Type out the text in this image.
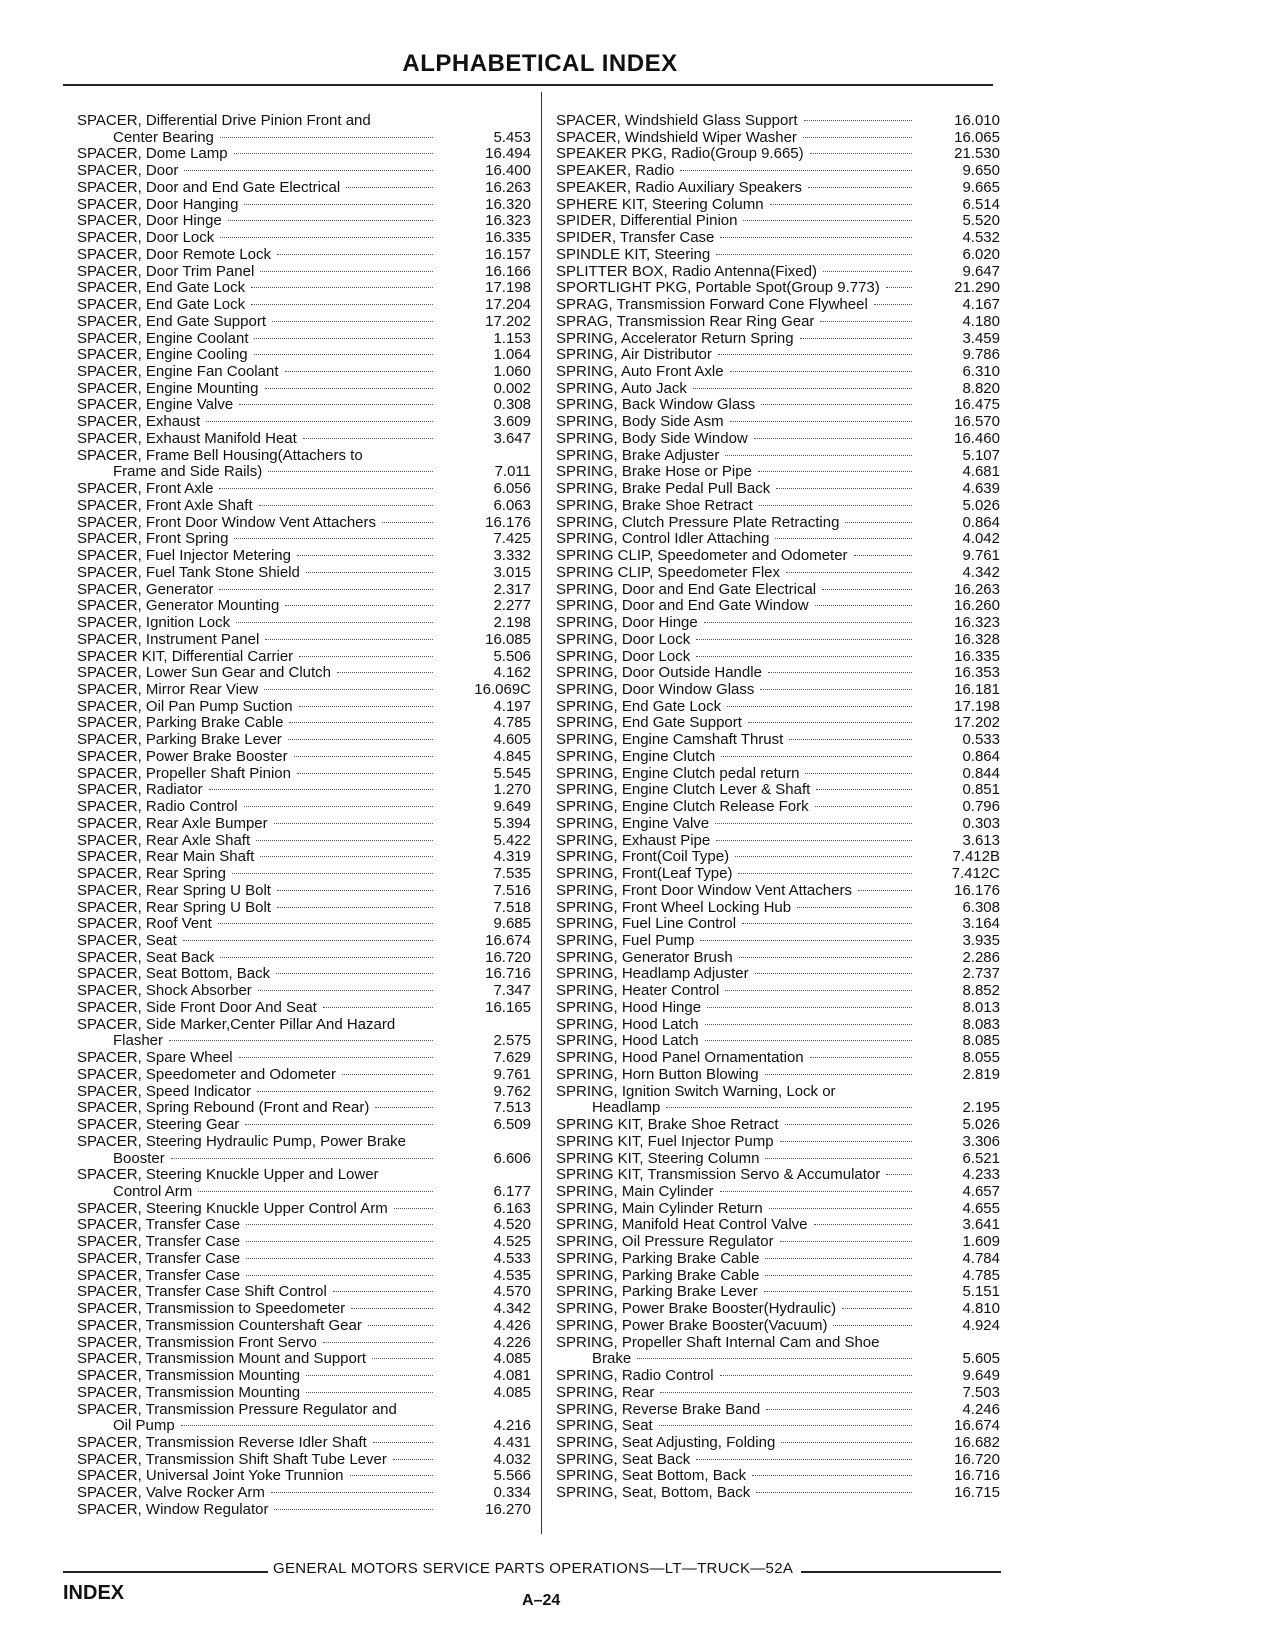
ALPHABETICAL INDEX
SPACER, Differential Drive Pinion Front and
Center Bearing	5.453
SPACER, Dome Lamp	16.494
SPACER, Door	16.400
SPACER, Door and End Gate Electrical	16.263
SPACER, Door Hanging	16.320
SPACER, Door Hinge	16.323
SPACER, Door Lock	16.335
SPACER, Door Remote Lock	16.157
SPACER, Door Trim Panel	16.166
SPACER, End Gate Lock	17.198
SPACER, End Gate Lock	17.204
SPACER, End Gate Support	17.202
SPACER, Engine Coolant	1.153
SPACER, Engine Cooling	1.064
SPACER, Engine Fan Coolant	1.060
SPACER, Engine Mounting	0.002
SPACER, Engine Valve	0.308
SPACER, Exhaust	3.609
SPACER, Exhaust Manifold Heat	3.647
SPACER, Frame Bell Housing(Attachers to
Frame and Side Rails)	7.011
SPACER, Front Axle	6.056
SPACER, Front Axle Shaft	6.063
SPACER, Front Door Window Vent Attachers	16.176
SPACER, Front Spring	7.425
SPACER, Fuel Injector Metering	3.332
SPACER, Fuel Tank Stone Shield	3.015
SPACER, Generator	2.317
SPACER, Generator Mounting	2.277
SPACER, Ignition Lock	2.198
SPACER, Instrument Panel	16.085
SPACER KIT, Differential Carrier	5.506
SPACER, Lower Sun Gear and Clutch	4.162
SPACER, Mirror Rear View	16.069C
SPACER, Oil Pan Pump Suction	4.197
SPACER, Parking Brake Cable	4.785
SPACER, Parking Brake Lever	4.605
SPACER, Power Brake Booster	4.845
SPACER, Propeller Shaft Pinion	5.545
SPACER, Radiator	1.270
SPACER, Radio Control	9.649
SPACER, Rear Axle Bumper	5.394
SPACER, Rear Axle Shaft	5.422
SPACER, Rear Main Shaft	4.319
SPACER, Rear Spring	7.535
SPACER, Rear Spring U Bolt	7.516
SPACER, Rear Spring U Bolt	7.518
SPACER, Roof Vent	9.685
SPACER, Seat	16.674
SPACER, Seat Back	16.720
SPACER, Seat Bottom, Back	16.716
SPACER, Shock Absorber	7.347
SPACER, Side Front Door And Seat	16.165
SPACER, Side Marker,Center Pillar And Hazard
Flasher	2.575
SPACER, Spare Wheel	7.629
SPACER, Speedometer and Odometer	9.761
SPACER, Speed Indicator	9.762
SPACER, Spring Rebound (Front and Rear)	7.513
SPACER, Steering Gear	6.509
SPACER, Steering Hydraulic Pump, Power Brake
Booster	6.606
SPACER, Steering Knuckle Upper and Lower
Control Arm	6.177
SPACER, Steering Knuckle Upper Control Arm	6.163
SPACER, Transfer Case	4.520
SPACER, Transfer Case	4.525
SPACER, Transfer Case	4.533
SPACER, Transfer Case	4.535
SPACER, Transfer Case Shift Control	4.570
SPACER, Transmission to Speedometer	4.342
SPACER, Transmission Countershaft Gear	4.426
SPACER, Transmission Front Servo	4.226
SPACER, Transmission Mount and Support	4.085
SPACER, Transmission Mounting	4.081
SPACER, Transmission Mounting	4.085
SPACER, Transmission Pressure Regulator and
Oil Pump	4.216
SPACER, Transmission Reverse Idler Shaft	4.431
SPACER, Transmission Shift Shaft Tube Lever	4.032
SPACER, Universal Joint Yoke Trunnion	5.566
SPACER, Valve Rocker Arm	0.334
SPACER, Window Regulator	16.270
SPACER, Windshield Glass Support	16.010
SPACER, Windshield Wiper Washer	16.065
SPEAKER PKG, Radio(Group 9.665)	21.530
SPEAKER, Radio	9.650
SPEAKER, Radio Auxiliary Speakers	9.665
SPHERE KIT, Steering Column	6.514
SPIDER, Differential Pinion	5.520
SPIDER, Transfer Case	4.532
SPINDLE KIT, Steering	6.020
SPLITTER BOX, Radio Antenna(Fixed)	9.647
SPORTLIGHT PKG, Portable Spot(Group 9.773)	21.290
SPRAG, Transmission Forward Cone Flywheel	4.167
SPRAG, Transmission Rear Ring Gear	4.180
SPRING, Accelerator Return Spring	3.459
SPRING, Air Distributor	9.786
SPRING, Auto Front Axle	6.310
SPRING, Auto Jack	8.820
SPRING, Back Window Glass	16.475
SPRING, Body Side Asm	16.570
SPRING, Body Side Window	16.460
SPRING, Brake Adjuster	5.107
SPRING, Brake Hose or Pipe	4.681
SPRING, Brake Pedal Pull Back	4.639
SPRING, Brake Shoe Retract	5.026
SPRING, Clutch Pressure Plate Retracting	0.864
SPRING, Control Idler Attaching	4.042
SPRING CLIP, Speedometer and Odometer	9.761
SPRING CLIP, Speedometer Flex	4.342
SPRING, Door and End Gate Electrical	16.263
SPRING, Door and End Gate Window	16.260
SPRING, Door Hinge	16.323
SPRING, Door Lock	16.328
SPRING, Door Lock	16.335
SPRING, Door Outside Handle	16.353
SPRING, Door Window Glass	16.181
SPRING, End Gate Lock	17.198
SPRING, End Gate Support	17.202
SPRING, Engine Camshaft Thrust	0.533
SPRING, Engine Clutch	0.864
SPRING, Engine Clutch pedal return	0.844
SPRING, Engine Clutch Lever & Shaft	0.851
SPRING, Engine Clutch Release Fork	0.796
SPRING, Engine Valve	0.303
SPRING, Exhaust Pipe	3.613
SPRING, Front(Coil Type)	7.412B
SPRING, Front(Leaf Type)	7.412C
SPRING, Front Door Window Vent Attachers	16.176
SPRING, Front Wheel Locking Hub	6.308
SPRING, Fuel Line Control	3.164
SPRING, Fuel Pump	3.935
SPRING, Generator Brush	2.286
SPRING, Headlamp Adjuster	2.737
SPRING, Heater Control	8.852
SPRING, Hood Hinge	8.013
SPRING, Hood Latch	8.083
SPRING, Hood Latch	8.085
SPRING, Hood Panel Ornamentation	8.055
SPRING, Horn Button Blowing	2.819
SPRING, Ignition Switch Warning, Lock or
Headlamp	2.195
SPRING KIT, Brake Shoe Retract	5.026
SPRING KIT, Fuel Injector Pump	3.306
SPRING KIT, Steering Column	6.521
SPRING KIT, Transmission Servo & Accumulator	4.233
SPRING, Main Cylinder	4.657
SPRING, Main Cylinder Return	4.655
SPRING, Manifold Heat Control Valve	3.641
SPRING, Oil Pressure Regulator	1.609
SPRING, Parking Brake Cable	4.784
SPRING, Parking Brake Cable	4.785
SPRING, Parking Brake Lever	5.151
SPRING, Power Brake Booster(Hydraulic)	4.810
SPRING, Power Brake Booster(Vacuum)	4.924
SPRING, Propeller Shaft Internal Cam and Shoe
Brake	5.605
SPRING, Radio Control	9.649
SPRING, Rear	7.503
SPRING, Reverse Brake Band	4.246
SPRING, Seat	16.674
SPRING, Seat Adjusting, Folding	16.682
SPRING, Seat Back	16.720
SPRING, Seat Bottom, Back	16.716
SPRING, Seat, Bottom, Back	16.715
GENERAL MOTORS SERVICE PARTS OPERATIONS—LT—TRUCK—52A
INDEX	A–24
